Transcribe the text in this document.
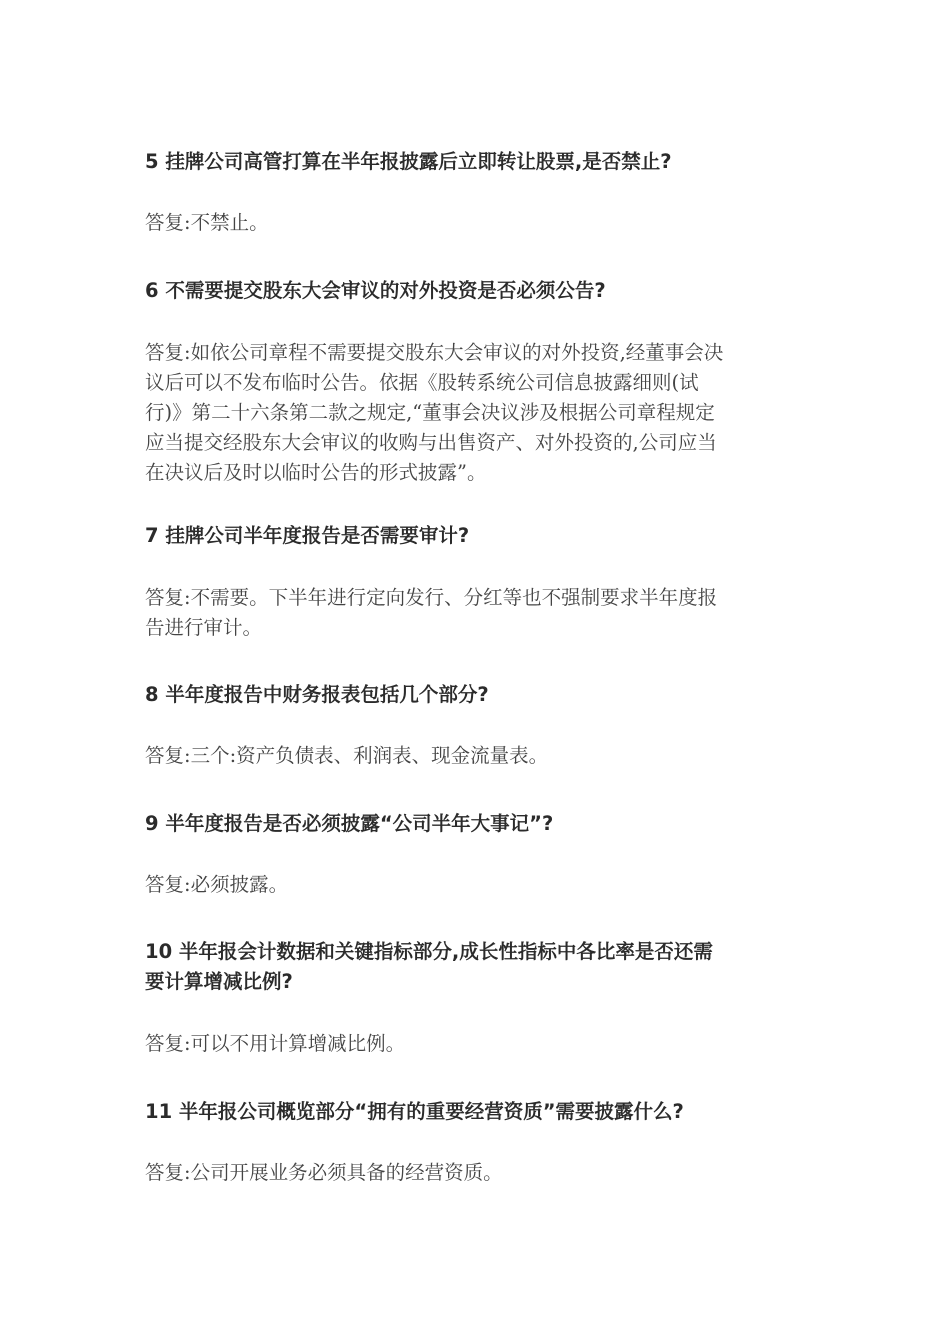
5 挂牌公司高管打算在半年报披露后立即转让股票,是否禁止?

答复:不禁止。

6 不需要提交股东大会审议的对外投资是否必须公告?

答复:如依公司章程不需要提交股东大会审议的对外投资,经董事会决

议后可以不发布临时公告。依据《股转系统公司信息披露细则(试

行)》第二十六条第二款之规定,“董事会决议涉及根据公司章程规定

应当提交经股东大会审议的收购与出售资产、对外投资的,公司应当

在决议后及时以临时公告的形式披露”。

7 挂牌公司半年度报告是否需要审计?

答复:不需要。下半年进行定向发行、分红等也不强制要求半年度报

告进行审计。

8 半年度报告中财务报表包括几个部分?

答复:三个:资产负债表、利润表、现金流量表。

9 半年度报告是否必须披露“公司半年大事记”?

答复:必须披露。

10 半年报会计数据和关键指标部分,成长性指标中各比率是否还需

要计算增减比例?

答复:可以不用计算增减比例。

11 半年报公司概览部分“拥有的重要经营资质”需要披露什么?

答复:公司开展业务必须具备的经营资质。
